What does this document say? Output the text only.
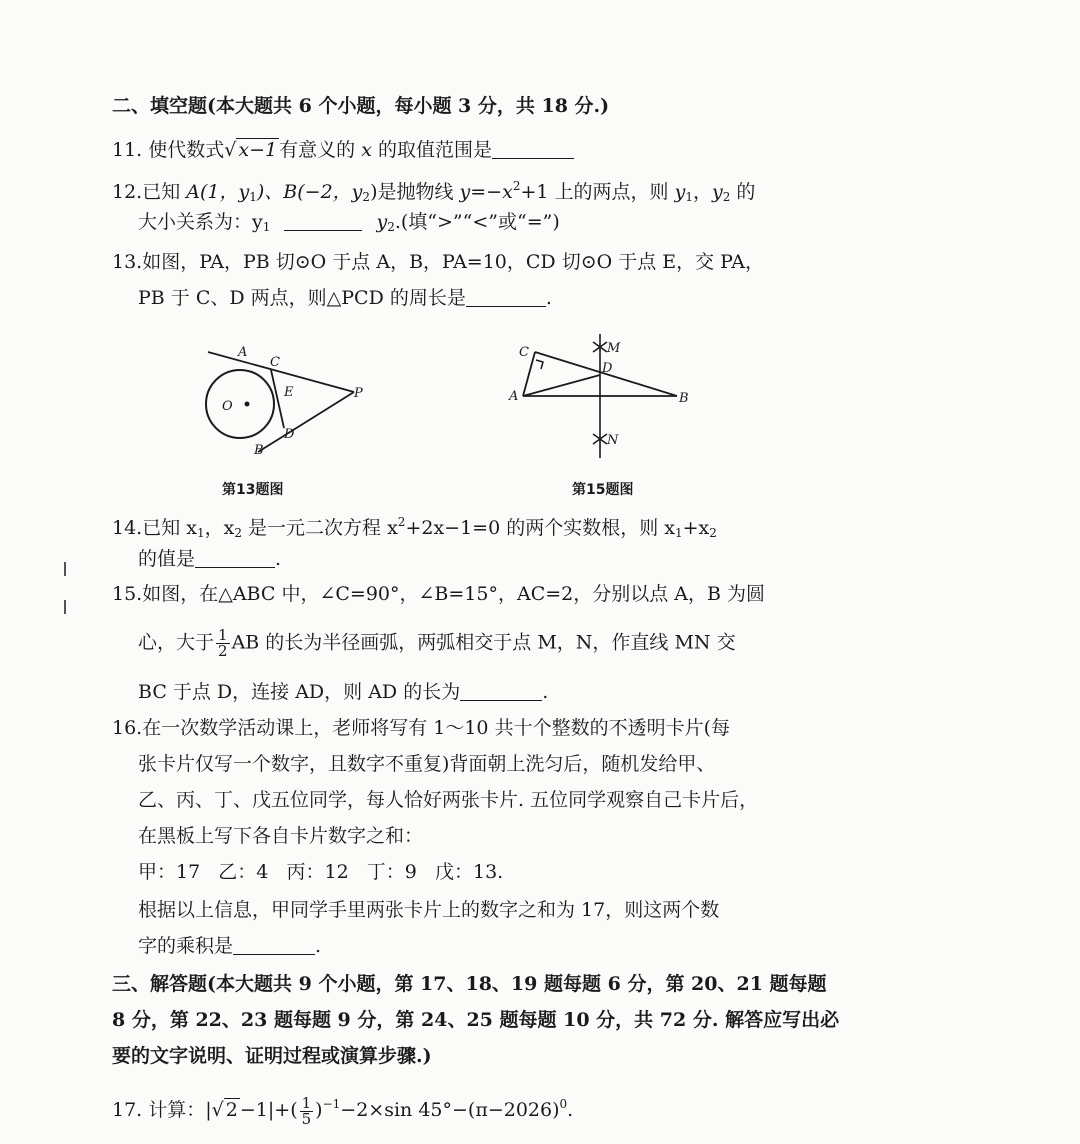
二、填空题(本大题共 6 个小题，每小题 3 分，共 18 分.)
11. 使代数式√ x−1 有意义的 x 的取值范围是
12.已知 A(1，$y_1$)、B(−2，$y_2$)是抛物线 $y=-x^2+1$ 上的两点，则 $y_1$，$y_2$ 的
大小关系为：$y_1$	$y_2$.(填“>”“<”或“=”)
13.如图，PA，PB 切⊙O 于点 A，B，PA=10，CD 切⊙O 于点 E，交 PA，
PB 于 C、D 两点，则△PCD 的周长是	.
A
C
E	P
O
D
B
第13题图
C	M
D
A	B
N
第15题图
14.已知 $x_1$，$x_2$ 是一元二次方程 $x^2+2x-1=0$ 的两个实数根，则 $x_1+x_2$
的值是	.
15.如图，在△ABC 中，∠C=90°，∠B=15°，AC=2，分别以点 A，B 为圆
心，大于 $\frac{1}{2}$ AB 的长为半径画弧，两弧相交于点 M，N，作直线 MN 交
BC 于点 D，连接 AD，则 AD 的长为	.
16.在一次数学活动课上，老师将写有 1～10 共十个整数的不透明卡片(每
张卡片仅写一个数字，且数字不重复)背面朝上洗匀后，随机发给甲、
乙、丙、丁、戊五位同学，每人恰好两张卡片. 五位同学观察自己卡片后，
在黑板上写下各自卡片数字之和：
甲：17   乙：4   丙：12   丁：9   戊：13.
根据以上信息，甲同学手里两张卡片上的数字之和为 17，则这两个数
字的乘积是	.
三、解答题(本大题共 9 个小题，第 17、18、19 题每题 6 分，第 20、21 题每题
8 分，第 22、23 题每题 9 分，第 24、25 题每题 10 分，共 72 分. 解答应写出必
要的文字说明、证明过程或演算步骤.)
17. 计算：|√ $2 -1|+( \frac{1}{5} )^{-1}-2\times\sin$ $45^\circ-(\pi-2026)^0$.
